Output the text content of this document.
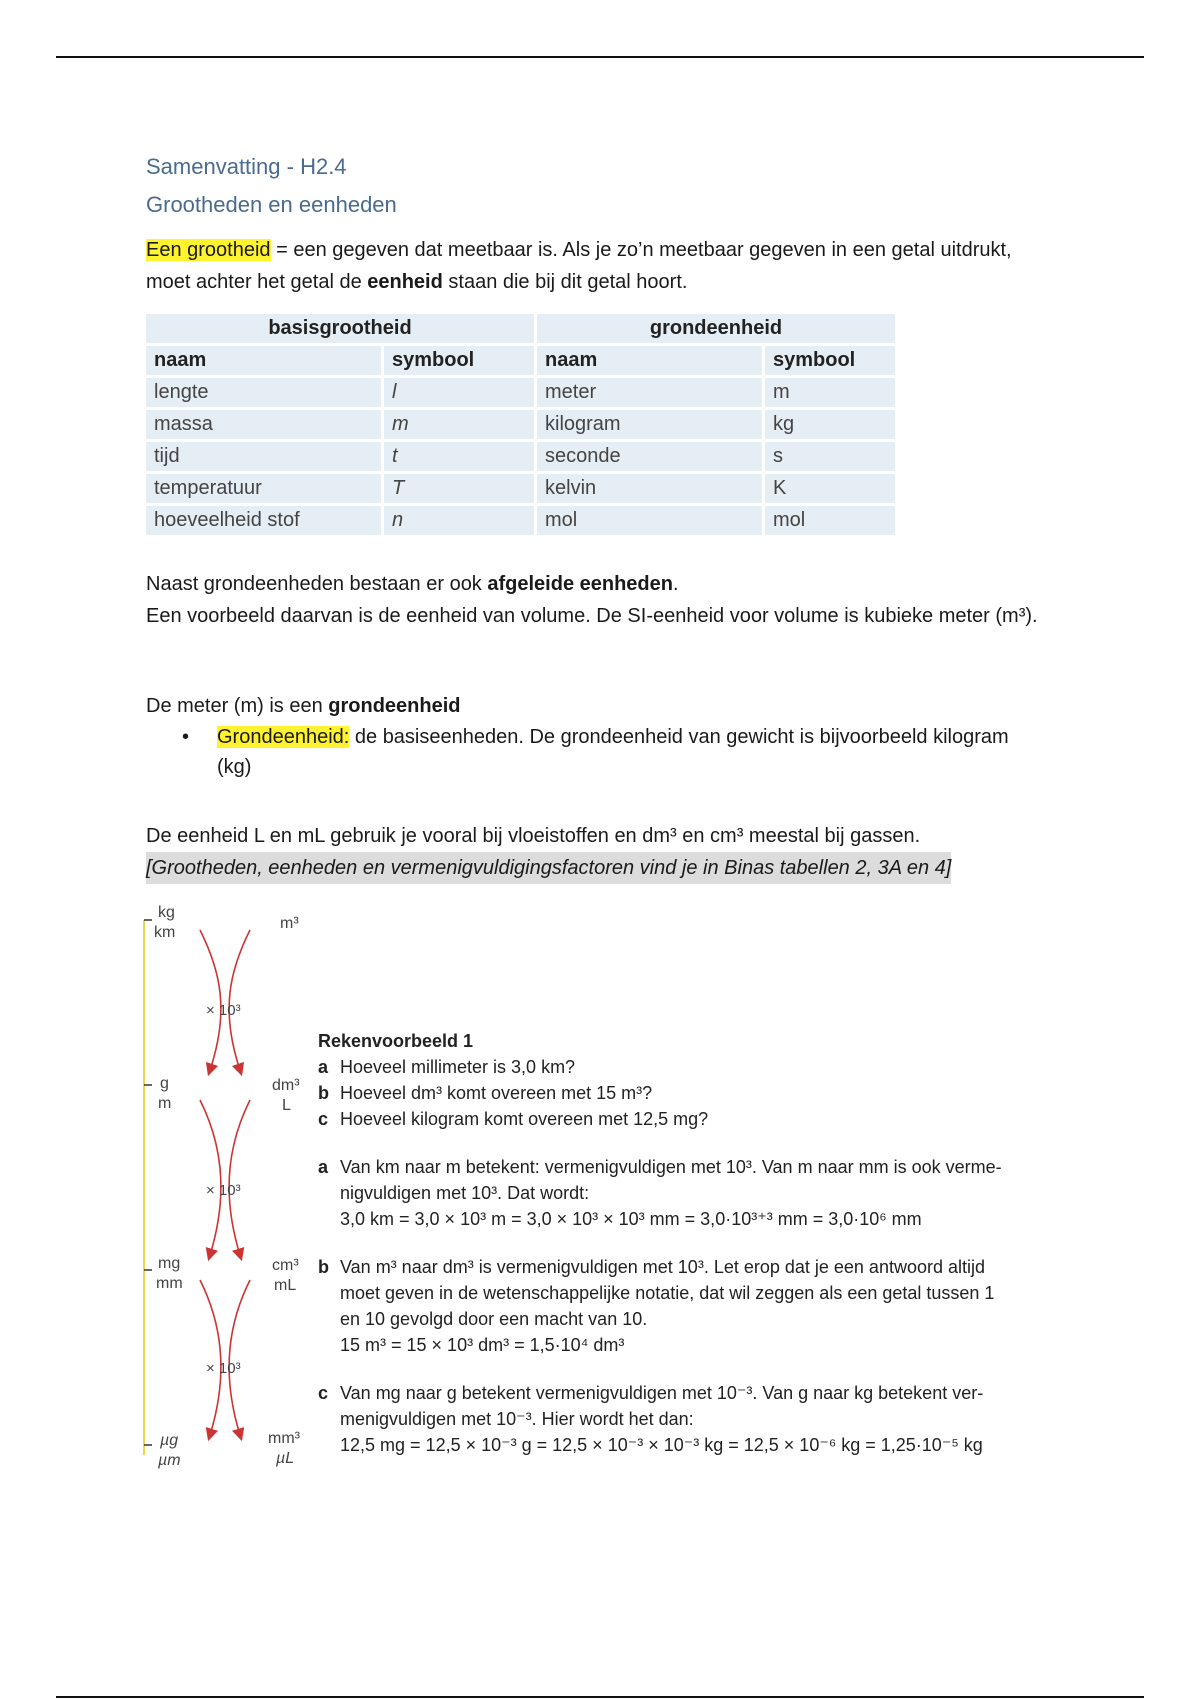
Samenvatting - H2.4
Grootheden en eenheden

Een grootheid = een gegeven dat meetbaar is. Als je zo’n meetbaar gegeven in een getal uitdrukt, moet achter het getal de eenheid staan die bij dit getal hoort.

basisgrootheid		grondeenheid	
naam	symbool	naam	symbool
lengte	l	meter	m
massa	m	kilogram	kg
tijd	t	seconde	s
temperatuur	T	kelvin	K
hoeveelheid stof	n	mol	mol

Naast grondeenheden bestaan er ook afgeleide eenheden.

Een voorbeeld daarvan is de eenheid van volume. De SI-eenheid voor volume is kubieke meter (m³).

De meter (m) is een grondeenheid

• Grondeenheid: de basiseenheden. De grondeenheid van gewicht is bijvoorbeeld kilogram (kg)

De eenheid L en mL gebruik je vooral bij vloeistoffen en dm³ en cm³ meestal bij gassen.

[Grootheden, eenheden en vermenigvuldigingsfactoren vind je in Binas tabellen 2, 3A en 4]
kg
km
g
m
mg
mm
µg
µm
m³
dm³
L
cm³
mL
mm³
µL
× 10³
× 10³
× 10³
Rekenvoorbeeld 1
a Hoeveel millimeter is 3,0 km?
b Hoeveel dm³ komt overeen met 15 m³?
c Hoeveel kilogram komt overeen met 12,5 mg?
a Van km naar m betekent: vermenigvuldigen met 10³. Van m naar mm is ook verme-
nigvuldigen met 10³. Dat wordt:
3,0 km = 3,0 × 10³ m = 3,0 × 10³ × 10³ mm = 3,0·10³⁺³ mm = 3,0·10⁶ mm
b Van m³ naar dm³ is vermenigvuldigen met 10³. Let erop dat je een antwoord altijd
moet geven in de wetenschappelijke notatie, dat wil zeggen als een getal tussen 1
en 10 gevolgd door een macht van 10.
15 m³ = 15 × 10³ dm³ = 1,5·10⁴ dm³
c Van mg naar g betekent vermenigvuldigen met 10⁻³. Van g naar kg betekent ver-
menigvuldigen met 10⁻³. Hier wordt het dan:
12,5 mg = 12,5 × 10⁻³ g = 12,5 × 10⁻³ × 10⁻³ kg = 12,5 × 10⁻⁶ kg = 1,25·10⁻⁵ kg
